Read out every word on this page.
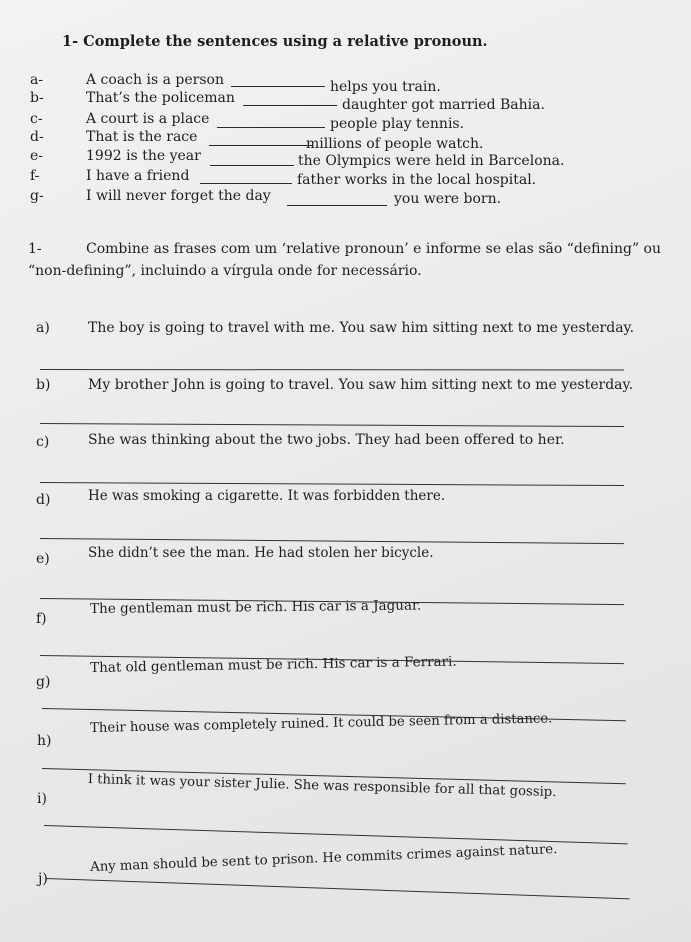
1- Complete the sentences using a relative pronoun.
a-	A coach is a person	helps you train.
b-	That’s the policeman	daughter got married Bahia.
c-	A court is a place	people play tennis.
d-	That is the race	millions of people watch.
e-	1992 is the year	the Olympics were held in Barcelona.
f-	I have a friend	father works in the local hospital.
g-	I will never forget the day	you were born.
1-	Combine as frases com um ‘relative pronoun’ e informe se elas são “defining” ou “non-defining”, incluindo a vírgula onde for necessário.
a)	The boy is going to travel with me. You saw him sitting next to me yesterday.
b)	My brother John is going to travel. You saw him sitting next to me yesterday.
c)	She was thinking about the two jobs. They had been offered to her.
d)	He was smoking a cigarette. It was forbidden there.
e)	She didn’t see the man. He had stolen her bicycle.
f)
The gentleman must be rich. His car is a Jaguar.
g)
That old gentleman must be rich. His car is a Ferrari.
h)
Their house was completely ruined. It could be seen from a distance.
i)	I think it was your sister Julie. She was responsible for all that gossip.
j)
Any man should be sent to prison. He commits crimes against nature.
